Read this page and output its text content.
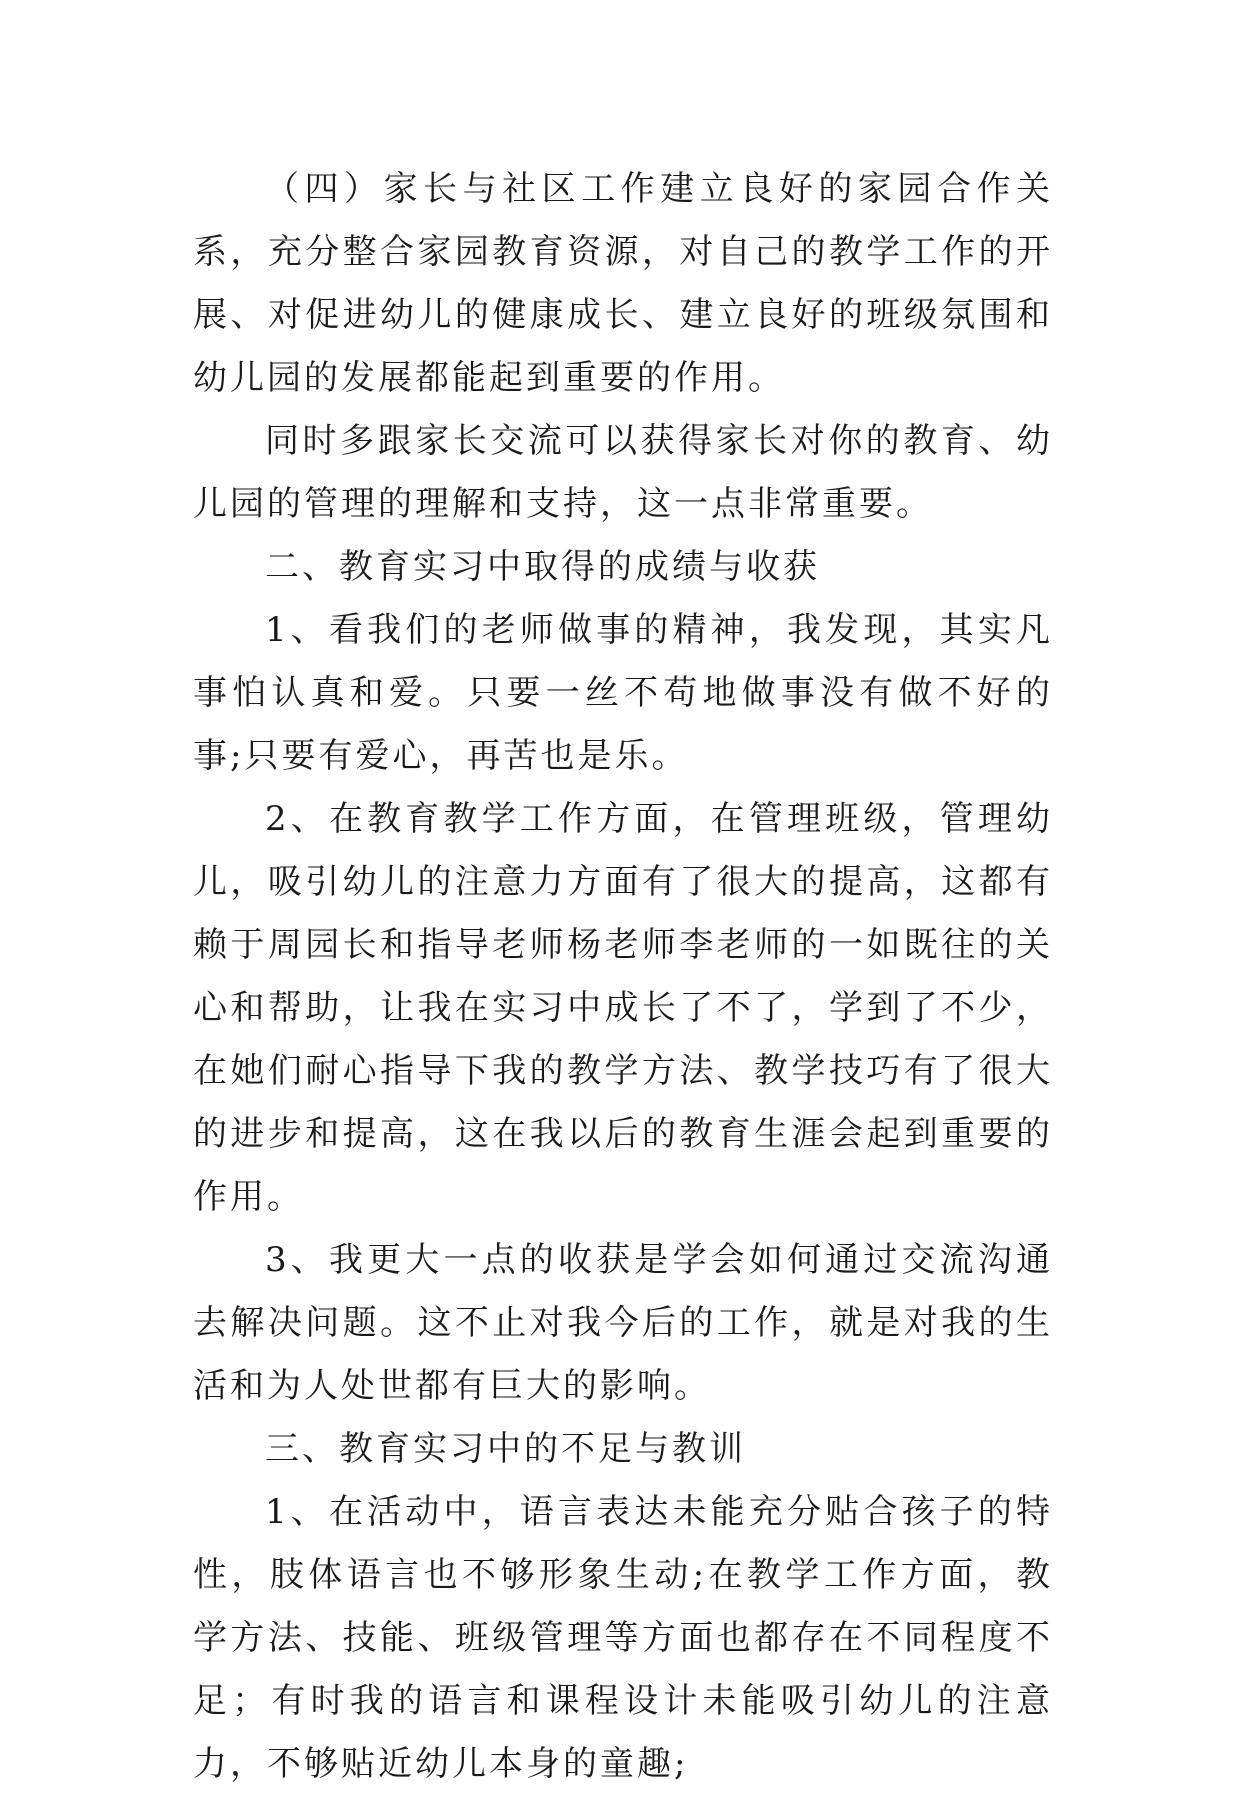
（四）家长与社区工作建立良好的家园合作关系，充分整合家园教育资源，对自己的教学工作的开展、对促进幼儿的健康成长、建立良好的班级氛围和幼儿园的发展都能起到重要的作用。

同时多跟家长交流可以获得家长对你的教育、幼儿园的管理的理解和支持，这一点非常重要。

二、教育实习中取得的成绩与收获

1、看我们的老师做事的精神，我发现，其实凡事怕认真和爱。只要一丝不苟地做事没有做不好的事;只要有爱心，再苦也是乐。

2、在教育教学工作方面，在管理班级，管理幼儿，吸引幼儿的注意力方面有了很大的提高，这都有赖于周园长和指导老师杨老师李老师的一如既往的关心和帮助，让我在实习中成长了不了，学到了不少，在她们耐心指导下我的教学方法、教学技巧有了很大的进步和提高，这在我以后的教育生涯会起到重要的作用。

3、我更大一点的收获是学会如何通过交流沟通去解决问题。这不止对我今后的工作，就是对我的生活和为人处世都有巨大的影响。

三、教育实习中的不足与教训

1、在活动中，语言表达未能充分贴合孩子的特性，肢体语言也不够形象生动;在教学工作方面，教学方法、技能、班级管理等方面也都存在不同程度不足；有时我的语言和课程设计未能吸引幼儿的注意力，不够贴近幼儿本身的童趣;
